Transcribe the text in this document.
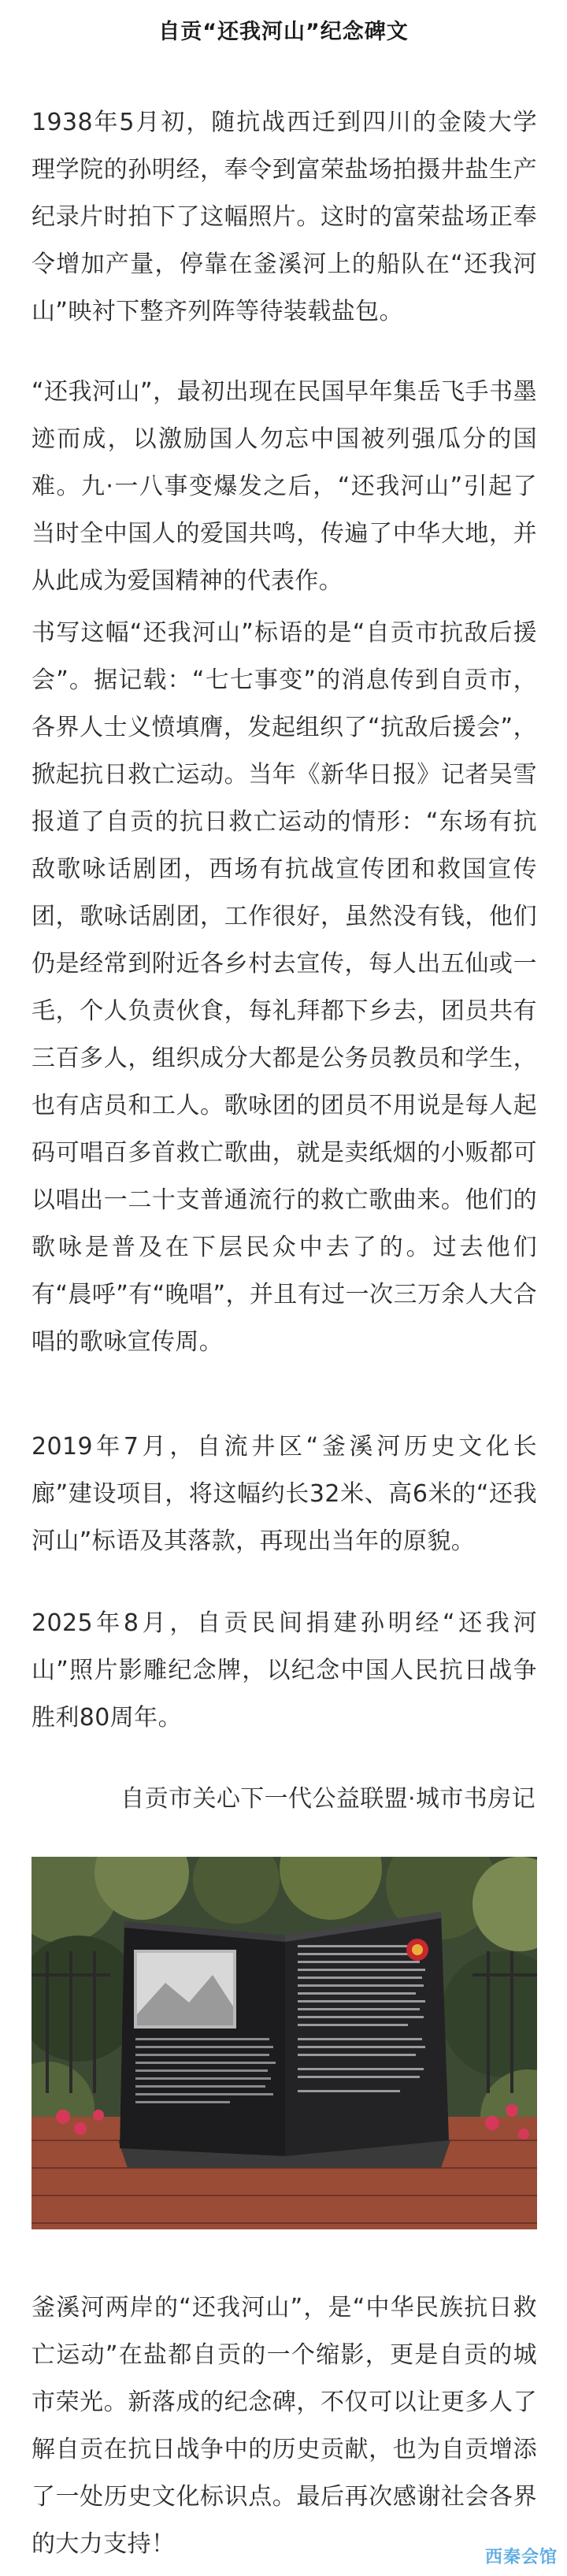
自贡“还我河山”纪念碑文

1938年5月初，随抗战西迁到四川的金陵大学理学院的孙明经，奉令到富荣盐场拍摄井盐生产纪录片时拍下了这幅照片。这时的富荣盐场正奉令增加产量，停靠在釜溪河上的船队在“还我河山”映衬下整齐列阵等待装载盐包。

“还我河山”，最初出现在民国早年集岳飞手书墨迹而成，以激励国人勿忘中国被列强瓜分的国难。九·一八事变爆发之后，“还我河山”引起了当时全中国人的爱国共鸣，传遍了中华大地，并从此成为爱国精神的代表作。

书写这幅“还我河山”标语的是“自贡市抗敌后援会”。据记载：“七七事变”的消息传到自贡市，各界人士义愤填膺，发起组织了“抗敌后援会”，掀起抗日救亡运动。当年《新华日报》记者吴雪报道了自贡的抗日救亡运动的情形：“东场有抗敌歌咏话剧团，西场有抗战宣传团和救国宣传团，歌咏话剧团，工作很好，虽然没有钱，他们仍是经常到附近各乡村去宣传，每人出五仙或一毛，个人负责伙食，每礼拜都下乡去，团员共有三百多人，组织成分大都是公务员教员和学生，也有店员和工人。歌咏团的团员不用说是每人起码可唱百多首救亡歌曲，就是卖纸烟的小贩都可以唱出一二十支普通流行的救亡歌曲来。他们的歌咏是普及在下层民众中去了的。过去他们有“晨呼”有“晚唱”，并且有过一次三万余人大合唱的歌咏宣传周。

2019年7月，自流井区“釜溪河历史文化长廊”建设项目，将这幅约长32米、高6米的“还我河山”标语及其落款，再现出当年的原貌。

2025年8月，自贡民间捐建孙明经“还我河山”照片影雕纪念牌，以纪念中国人民抗日战争胜利80周年。

自贡市关心下一代公益联盟·城市书房记

釜溪河两岸的“还我河山”，是“中华民族抗日救亡运动”在盐都自贡的一个缩影，更是自贡的城市荣光。新落成的纪念碑，不仅可以让更多人了解自贡在抗日战争中的历史贡献，也为自贡增添了一处历史文化标识点。最后再次感谢社会各界的大力支持！	西秦会馆
